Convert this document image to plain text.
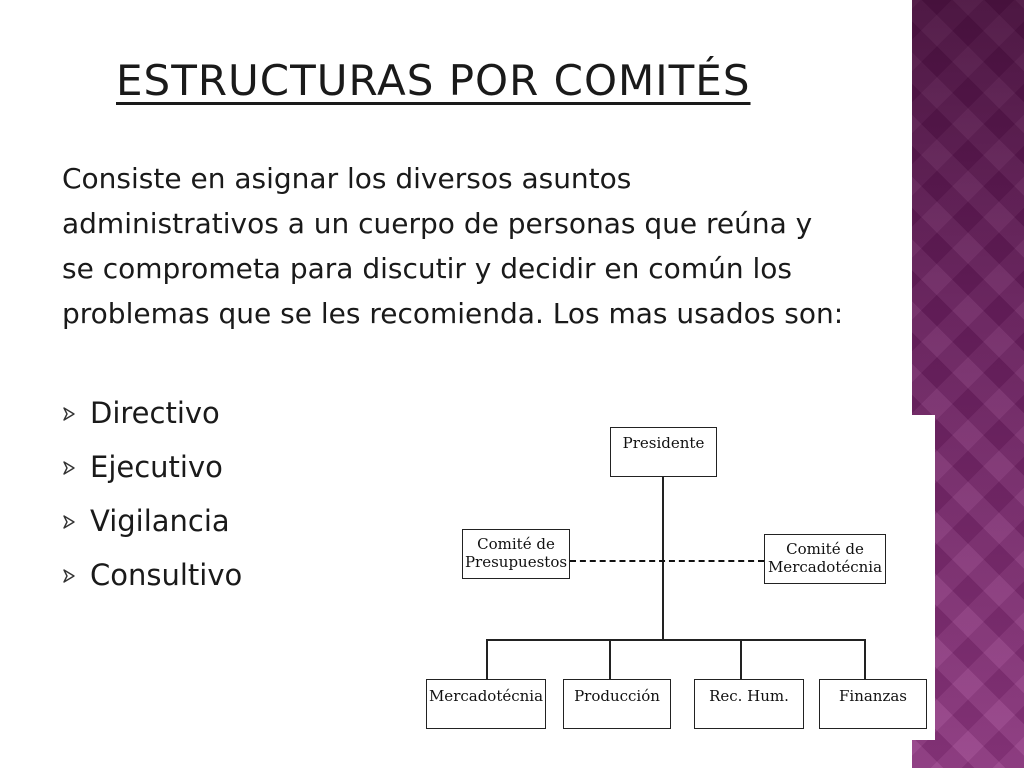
ESTRUCTURAS POR COMITÉS

Consiste en asignar los diversos asuntos administrativos a un cuerpo de personas que reúna y se comprometa para discutir y decidir en común los problemas que se les recomienda. Los mas usados son:

Directivo
Ejecutivo
Vigilancia
Consultivo
Presidente
Comité de
Presupuestos
Comité de
Mercadotécnia
Mercadotécnia	Producción	Rec. Hum.	Finanzas
